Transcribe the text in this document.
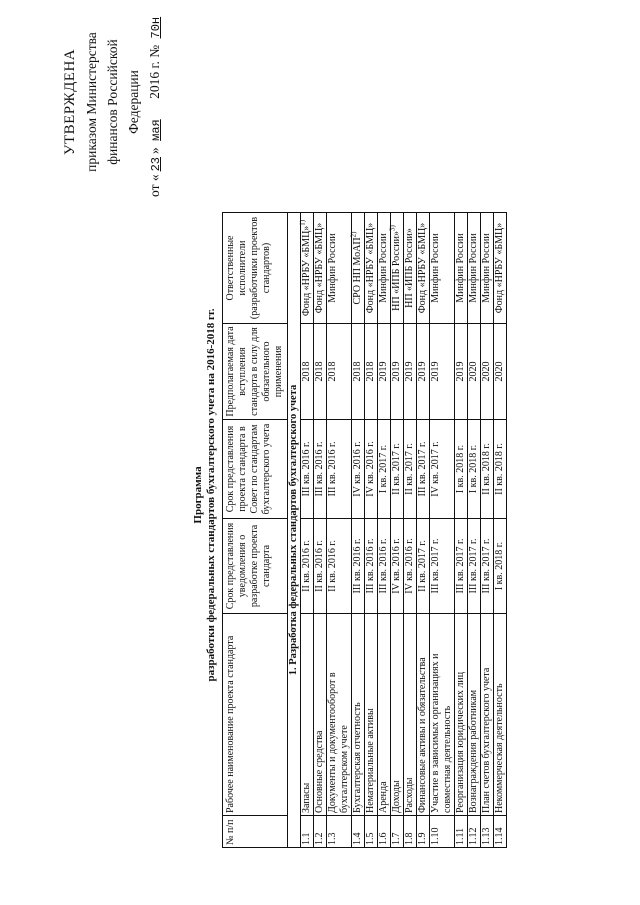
УТВЕРЖДЕНА приказом Министерства финансов Российской Федерации
от «23» мая 2016 г. № 70н
Программа разработки федеральных стандартов бухгалтерского учета на 2016-2018 гг.
№ п/п	Рабочее наименование проекта стандарта	Срок представления уведомления о разработке проекта стандарта	Срок представления проекта стандарта в Совет по стандартам бухгалтерского учета	Предполагаемая дата вступления стандарта в силу для обязательного применения	Ответственные исполнители (разработчики проектов стандартов)
1. Разработка федеральных стандартов бухгалтерского учета					
1.1	Запасы	II кв. 2016 г.	III кв. 2016 г.	2018	Фонд «НРБУ «БМЦ»$^{1)}$
1.2	Основные средства	II кв. 2016 г.	III кв. 2016 г.	2018	Фонд «НРБУ «БМЦ»
1.3	Документы и документооборот в бухгалтерском учете	II кв. 2016 г.	III кв. 2016 г.	2018	Минфин России
1.4	Бухгалтерская отчетность	III кв. 2016 г.	IV кв. 2016 г.	2018	СРО НП МоАП$^{2)}$
1.5	Нематериальные активы	III кв. 2016 г.	IV кв. 2016 г.	2018	Фонд «НРБУ «БМЦ»
1.6	Аренда	III кв. 2016 г.	I кв. 2017 г.	2019	Минфин России
1.7	Доходы	IV кв. 2016 г.	II кв. 2017 г.	2019	НП «ИПБ России»$^{3)}$
1.8	Расходы	IV кв. 2016 г.	II кв. 2017 г.	2019	НП «ИПБ России»
1.9	Финансовые активы и обязательства	II кв. 2017 г.	III кв. 2017 г.	2019	Фонд «НРБУ «БМЦ»
1.10	Участие в зависимых организациях и совместная деятельность	III кв. 2017 г.	IV кв. 2017 г.	2019	Минфин России
1.11	Реорганизация юридических лиц	III кв. 2017 г.	I кв. 2018 г.	2019	Минфин России
1.12	Вознаграждения работникам	III кв. 2017 г.	I кв. 2018 г.	2020	Минфин России
1.13	План счетов бухгалтерского учета	III кв. 2017 г.	II кв. 2018 г.	2020	Минфин России
1.14	Некоммерческая деятельность	I кв. 2018 г.	II кв. 2018 г.	2020	Фонд «НРБУ «БМЦ»
